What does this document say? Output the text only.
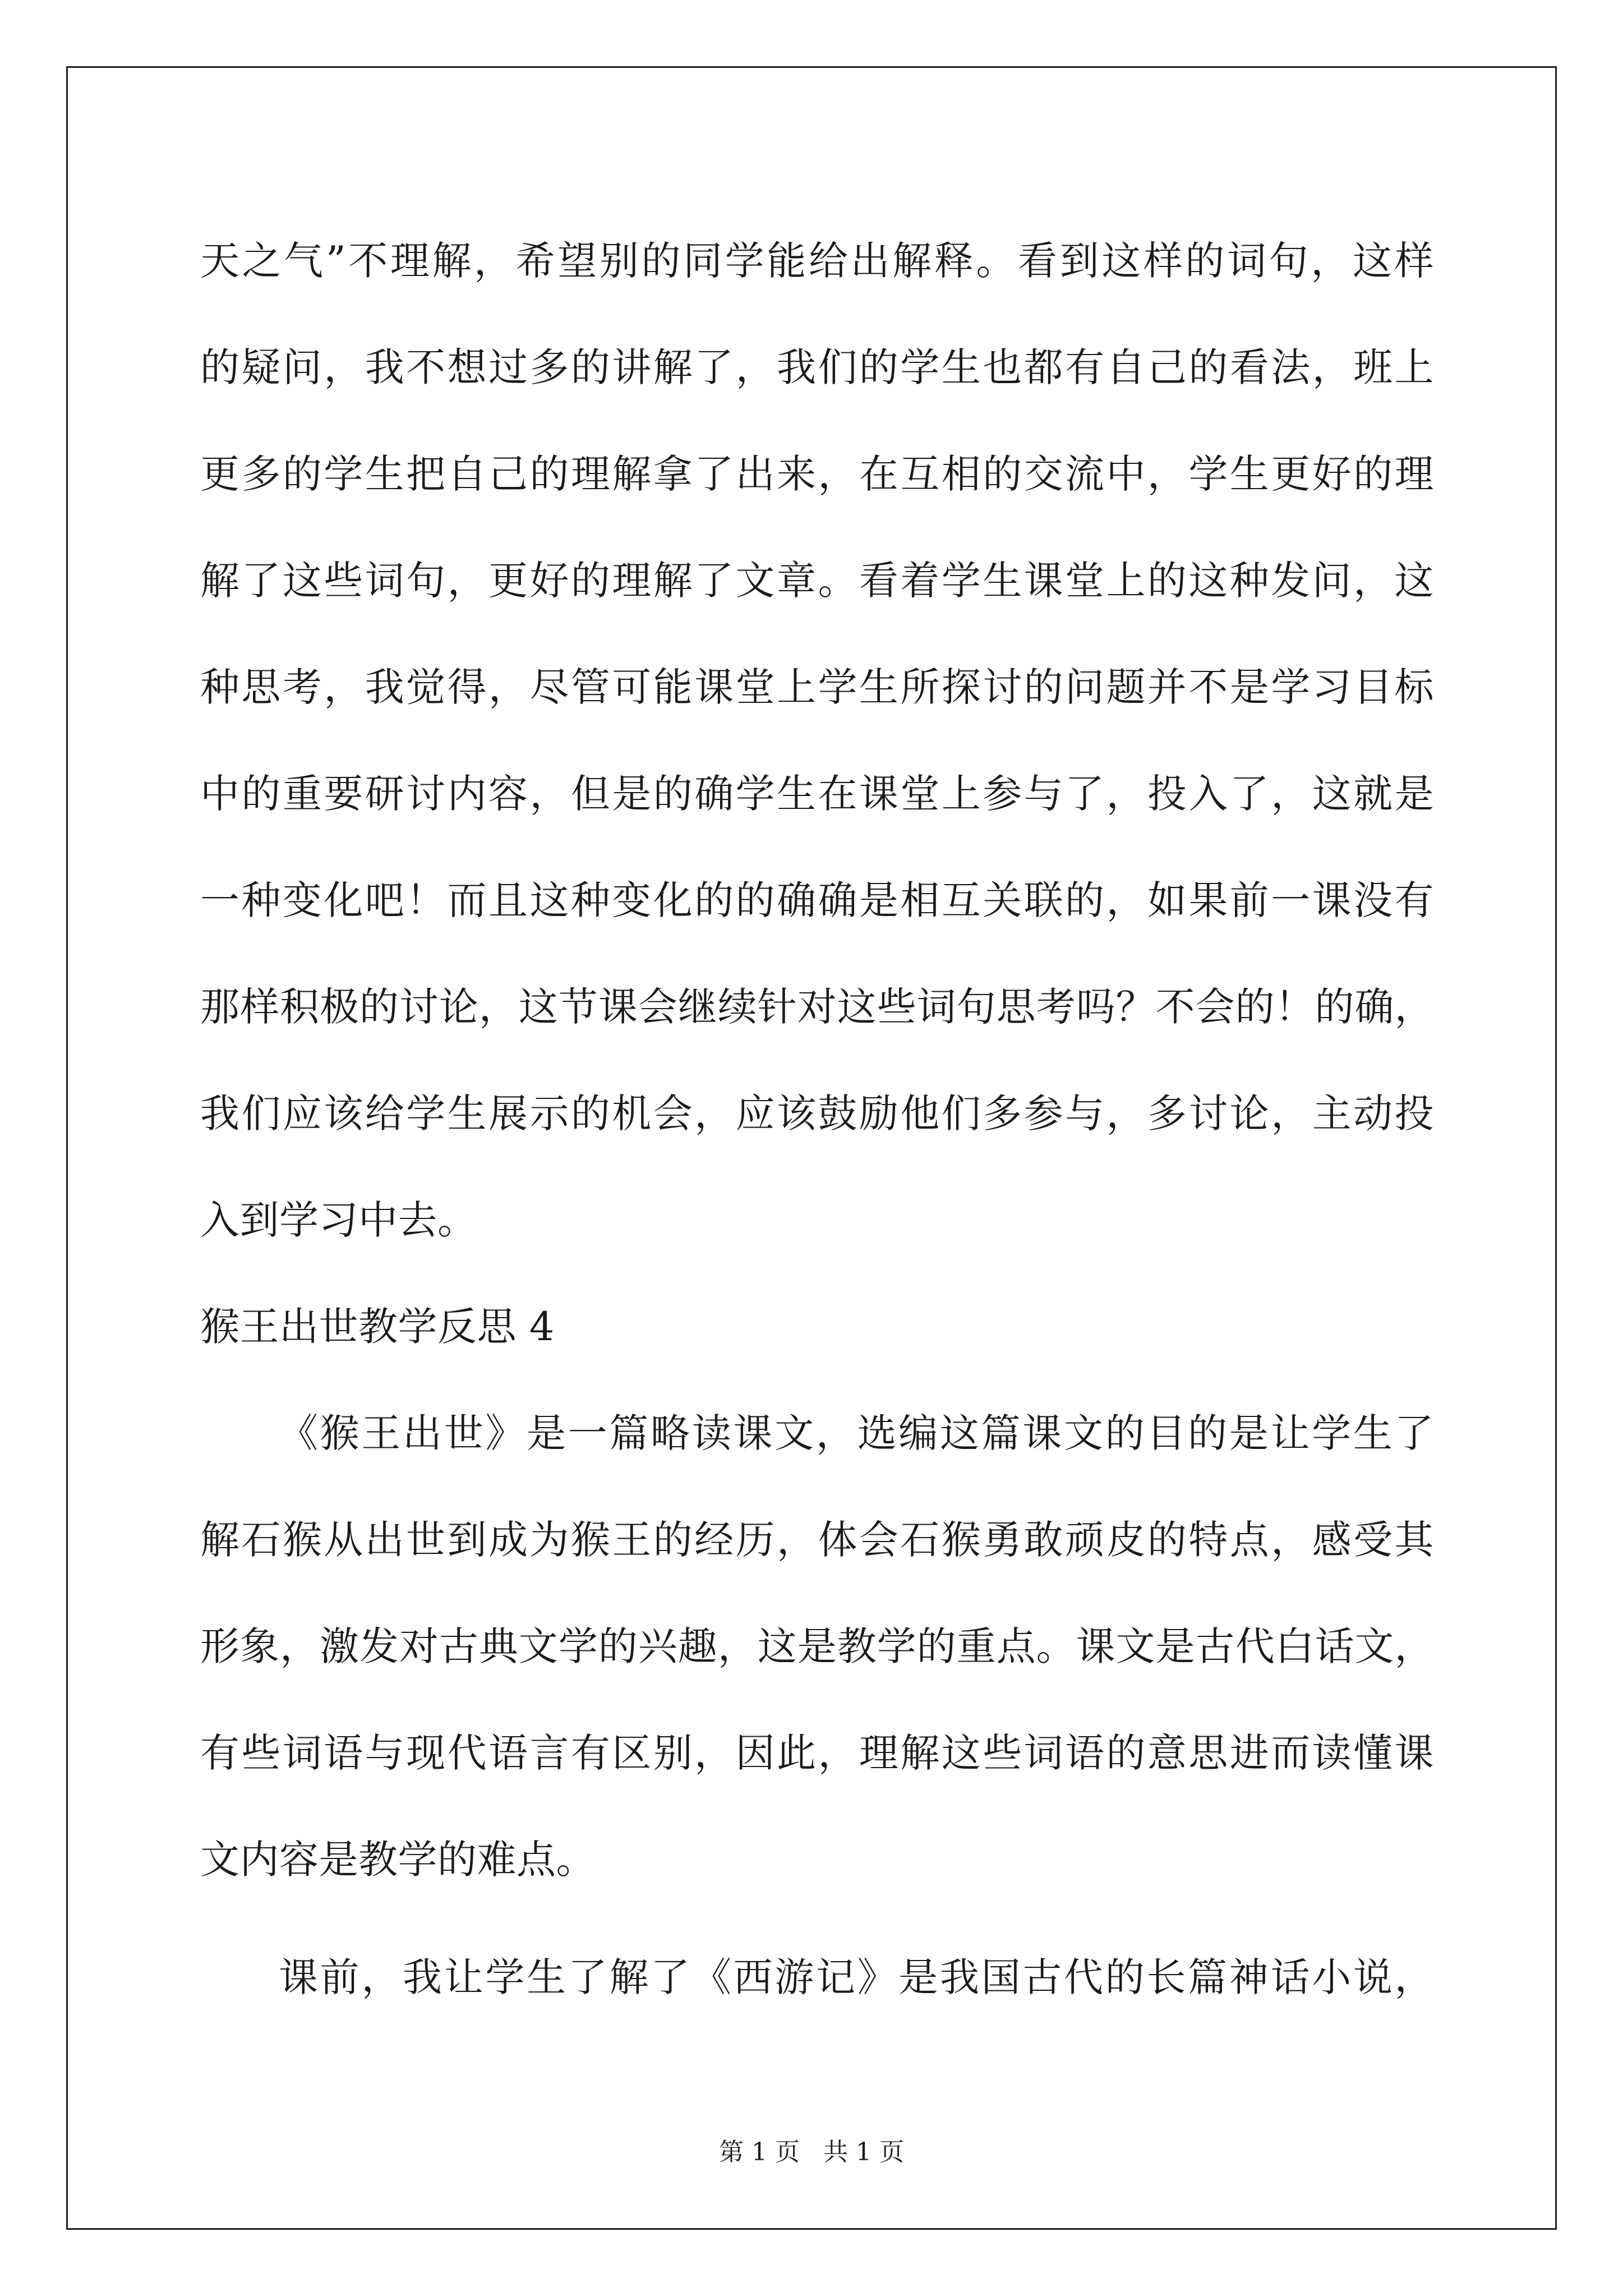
天之气”不理解，希望别的同学能给出解释。看到这样的词句，这样
的疑问，我不想过多的讲解了，我们的学生也都有自己的看法，班上
更多的学生把自己的理解拿了出来，在互相的交流中，学生更好的理
解了这些词句，更好的理解了文章。看着学生课堂上的这种发问，这
种思考，我觉得，尽管可能课堂上学生所探讨的问题并不是学习目标
中的重要研讨内容，但是的确学生在课堂上参与了，投入了，这就是
一种变化吧！而且这种变化的的确确是相互关联的，如果前一课没有
那样积极的讨论，这节课会继续针对这些词句思考吗？不会的！的确，
我们应该给学生展示的机会，应该鼓励他们多参与，多讨论，主动投
入到学习中去。
猴王出世教学反思 4
《猴王出世》是一篇略读课文，选编这篇课文的目的是让学生了
解石猴从出世到成为猴王的经历，体会石猴勇敢顽皮的特点，感受其
形象，激发对古典文学的兴趣，这是教学的重点。课文是古代白话文，
有些词语与现代语言有区别，因此，理解这些词语的意思进而读懂课
文内容是教学的难点。
课前，我让学生了解了《西游记》是我国古代的长篇神话小说，
第 1 页 共 1 页
